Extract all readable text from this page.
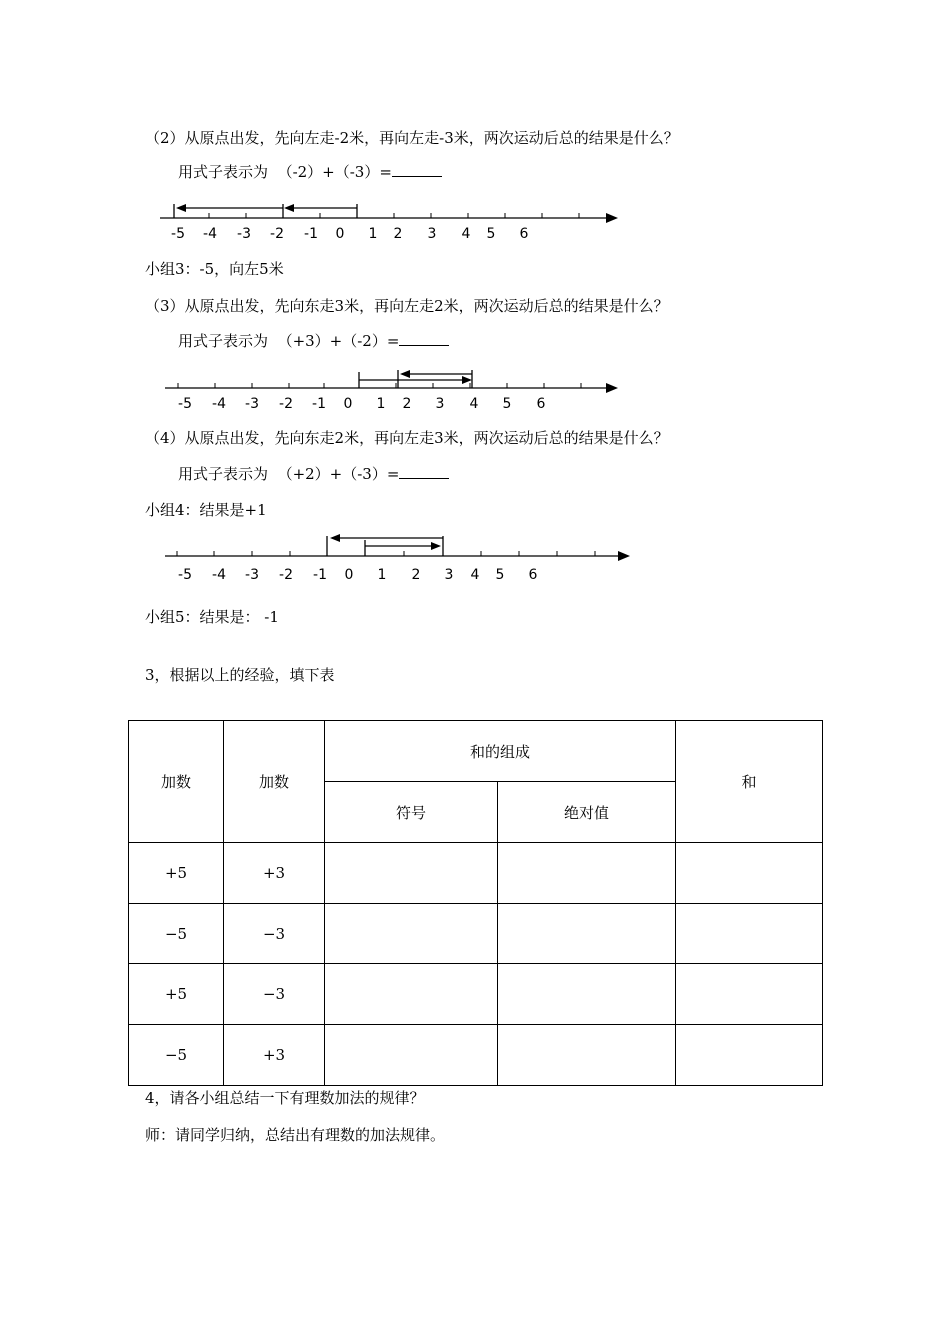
（2）从原点出发，先向左走-2米，再向左走-3米，两次运动后总的结果是什么？
用式子表示为 （-2）+（-3）=
-5 -4 -3 -2 -1 0 1 2 3 4 5 6
小组3：-5，向左5米
（3）从原点出发，先向东走3米，再向左走2米，两次运动后总的结果是什么？
用式子表示为 （+3）+（-2）=
-5 -4 -3 -2 -1 0 1 2 3 4 5 6
（4）从原点出发，先向东走2米，再向左走3米，两次运动后总的结果是什么？
用式子表示为 （+2）+（-3）=
小组4：结果是+1
-5 -4 -3 -2 -1 0 1 2 3 4 5 6
小组5：结果是： -1
3，根据以上的经验，填下表
加数	加数	和的组成		和
		符号	绝对值	
+5	+3			
−5	−3			
+5	−3			
−5	+3			
4，请各小组总结一下有理数加法的规律？
师：请同学归纳，总结出有理数的加法规律。
